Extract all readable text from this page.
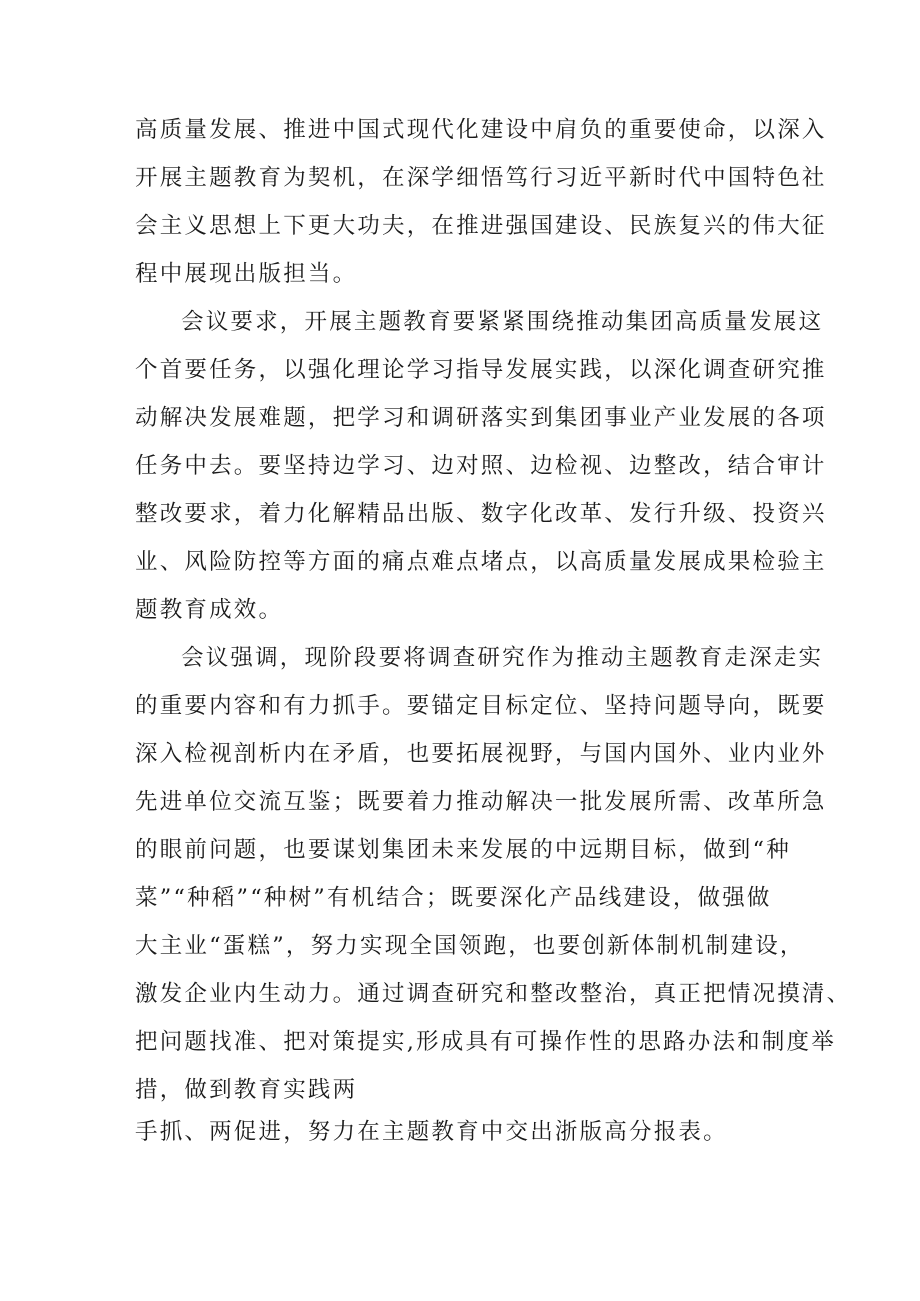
高质量发展、推进中国式现代化建设中肩负的重要使命，以深入
开展主题教育为契机，在深学细悟笃行习近平新时代中国特色社
会主义思想上下更大功夫，在推进强国建设、民族复兴的伟大征
程中展现出版担当。
会议要求，开展主题教育要紧紧围绕推动集团高质量发展这
个首要任务，以强化理论学习指导发展实践，以深化调查研究推
动解决发展难题，把学习和调研落实到集团事业产业发展的各项
任务中去。要坚持边学习、边对照、边检视、边整改，结合审计
整改要求，着力化解精品出版、数字化改革、发行升级、投资兴
业、风险防控等方面的痛点难点堵点，以高质量发展成果检验主
题教育成效。
会议强调，现阶段要将调查研究作为推动主题教育走深走实
的重要内容和有力抓手。要锚定目标定位、坚持问题导向，既要
深入检视剖析内在矛盾，也要拓展视野，与国内国外、业内业外
先进单位交流互鉴；既要着力推动解决一批发展所需、改革所急
的眼前问题，也要谋划集团未来发展的中远期目标，做到“种
菜”“种稻”“种树”有机结合；既要深化产品线建设，做强做
大主业“蛋糕”，努力实现全国领跑，也要创新体制机制建设，
激发企业内生动力。通过调查研究和整改整治，真正把情况摸清、
把问题找准、把对策提实,形成具有可操作性的思路办法和制度举
措，做到教育实践两
手抓、两促进，努力在主题教育中交出浙版高分报表。
